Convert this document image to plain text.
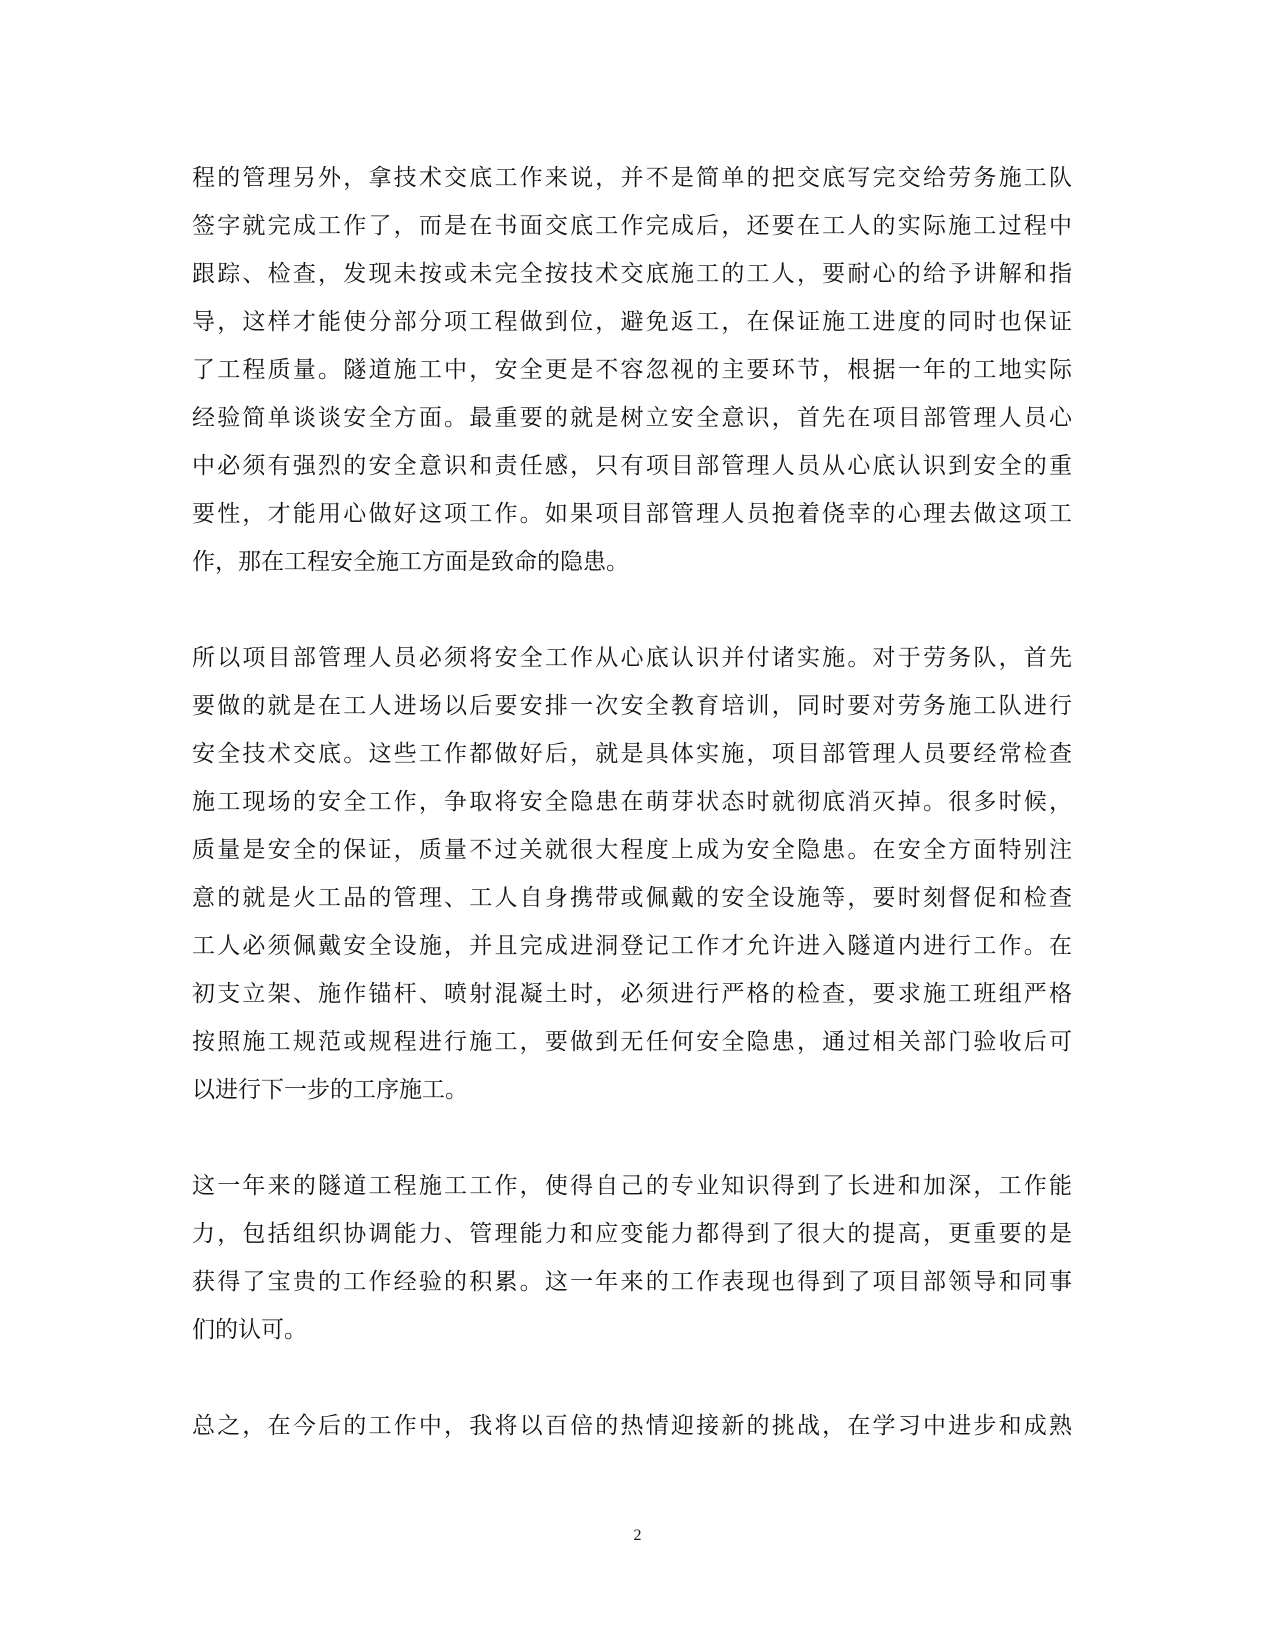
程的管理另外，拿技术交底工作来说，并不是简单的把交底写完交给劳务施工队
签字就完成工作了，而是在书面交底工作完成后，还要在工人的实际施工过程中
跟踪、检查，发现未按或未完全按技术交底施工的工人，要耐心的给予讲解和指
导，这样才能使分部分项工程做到位，避免返工，在保证施工进度的同时也保证
了工程质量。隧道施工中，安全更是不容忽视的主要环节，根据一年的工地实际
经验简单谈谈安全方面。最重要的就是树立安全意识，首先在项目部管理人员心
中必须有强烈的安全意识和责任感，只有项目部管理人员从心底认识到安全的重
要性，才能用心做好这项工作。如果项目部管理人员抱着侥幸的心理去做这项工
作，那在工程安全施工方面是致命的隐患。
所以项目部管理人员必须将安全工作从心底认识并付诸实施。对于劳务队，首先
要做的就是在工人进场以后要安排一次安全教育培训，同时要对劳务施工队进行
安全技术交底。这些工作都做好后，就是具体实施，项目部管理人员要经常检查
施工现场的安全工作，争取将安全隐患在萌芽状态时就彻底消灭掉。很多时候，
质量是安全的保证，质量不过关就很大程度上成为安全隐患。在安全方面特别注
意的就是火工品的管理、工人自身携带或佩戴的安全设施等，要时刻督促和检查
工人必须佩戴安全设施，并且完成进洞登记工作才允许进入隧道内进行工作。在
初支立架、施作锚杆、喷射混凝土时，必须进行严格的检查，要求施工班组严格
按照施工规范或规程进行施工，要做到无任何安全隐患，通过相关部门验收后可
以进行下一步的工序施工。
这一年来的隧道工程施工工作，使得自己的专业知识得到了长进和加深，工作能
力，包括组织协调能力、管理能力和应变能力都得到了很大的提高，更重要的是
获得了宝贵的工作经验的积累。这一年来的工作表现也得到了项目部领导和同事
们的认可。
总之，在今后的工作中，我将以百倍的热情迎接新的挑战，在学习中进步和成熟
2
